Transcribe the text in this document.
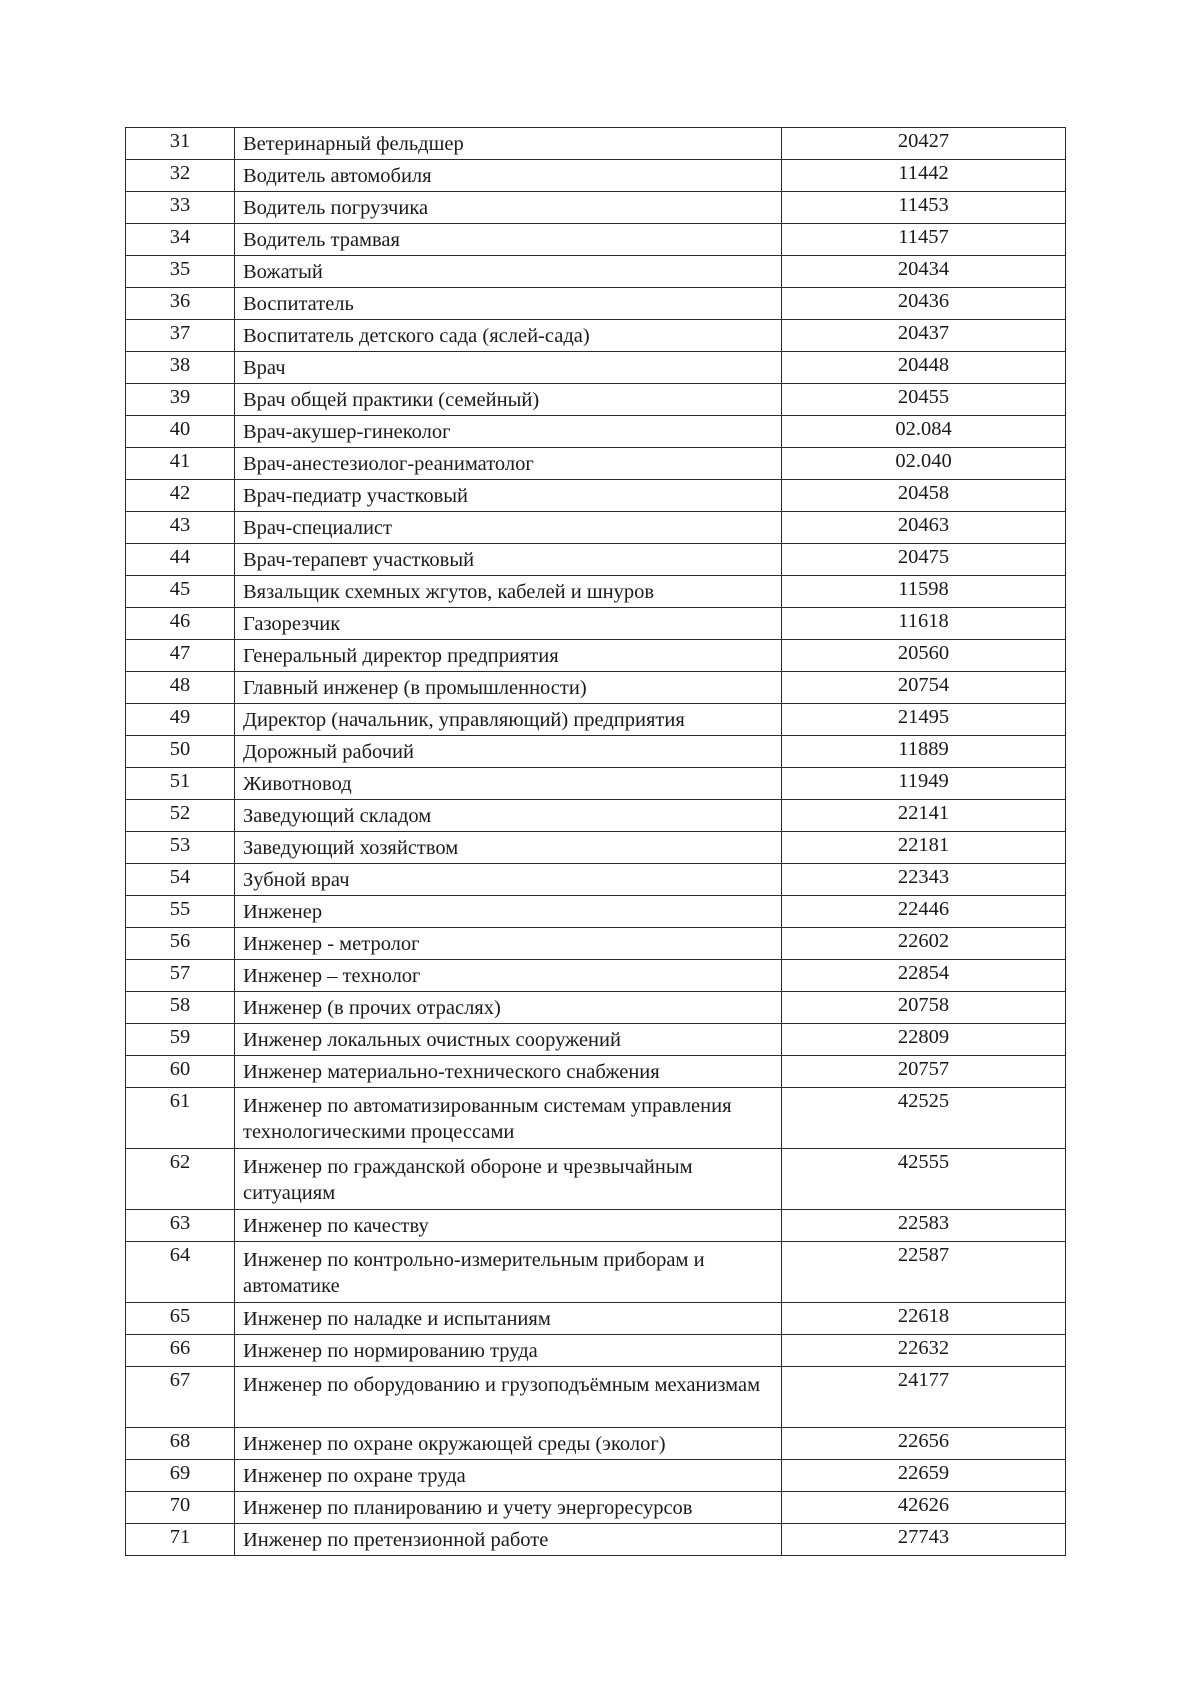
31	Ветеринарный фельдшер	20427

32	Водитель автомобиля	11442

33	Водитель погрузчика	11453

34	Водитель трамвая	11457

35	Вожатый	20434

36	Воспитатель	20436

37	Воспитатель детского сада (яслей-сада)	20437

38	Врач	20448

39	Врач общей практики (семейный)	20455

40	Врач-акушер-гинеколог	02.084

41	Врач-анестезиолог-реаниматолог	02.040

42	Врач-педиатр участковый	20458

43	Врач-специалист	20463

44	Врач-терапевт участковый	20475

45	Вязальщик схемных жгутов, кабелей и шнуров	11598

46	Газорезчик	11618

47	Генеральный директор предприятия	20560

48	Главный инженер (в промышленности)	20754

49	Директор (начальник, управляющий) предприятия	21495

50	Дорожный рабочий	11889

51	Животновод	11949

52	Заведующий складом	22141

53	Заведующий хозяйством	22181

54	Зубной врач	22343

55	Инженер	22446

56	Инженер - метролог	22602

57	Инженер – технолог	22854

58	Инженер (в прочих отраслях)	20758

59	Инженер локальных очистных сооружений	22809

60	Инженер материально-технического снабжения	20757

61	Инженер по автоматизированным системам управления технологическими процессами	42525

62	Инженер по гражданской обороне и чрезвычайным ситуациям	42555

63	Инженер по качеству	22583

64	Инженер по контрольно-измерительным приборам и автоматике	22587

65	Инженер по наладке и испытаниям	22618

66	Инженер по нормированию труда	22632

67	Инженер по оборудованию и грузоподъёмным механизмам	24177

68	Инженер по охране окружающей среды (эколог)	22656

69	Инженер по охране труда	22659

70	Инженер по планированию и учету энергоресурсов	42626

71	Инженер по претензионной работе	27743
